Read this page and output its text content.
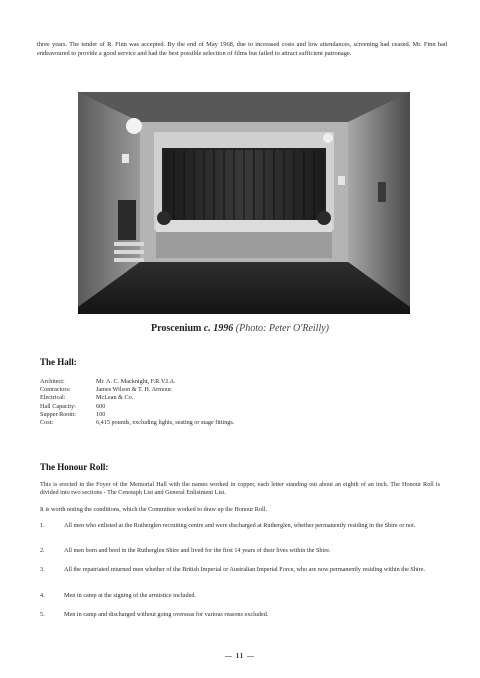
three years. The tender of R. Finn was accepted. By the end of May 1968, due to increased costs and low attendances, screening had ceased. Mr. Finn had endeavoured to provide a good service and had the best possible selection of films but failed to attract sufficient patronage.
Proscenium c. 1996 (Photo: Peter O'Reilly)
The Hall:
Architect:	Mr. A. C. Macknight, F.R.V.I.A.
Contractors:	James Wilson & T. H. Armour.
Electrical:	McLean & Co.
Hall Capacity:	600
Supper Room:	100
Cost:	6,415 pounds, excluding lights, seating or stage fittings.
The Honour Roll:
This is erected in the Foyer of the Memorial Hall with the names worked in copper, each letter standing out about an eighth of an inch. The Honour Roll is divided into two sections - The Cenotaph List and General Enlistment List.
It is worth noting the conditions, which the Committee worked to draw up the Honour Roll.
1.	All men who enlisted at the Rutherglen recruiting centre and were discharged at Rutherglen, whether permanently residing in the Shire or not.
2.	All men born and bred in the Rutherglen Shire and lived for the first 14 years of their lives within the Shire.
3.	All the repatriated returned men whether of the British Imperial or Australian Imperial Force, who are now permanently residing within the Shire.
4.	Men in camp at the signing of the armistice included.
5.	Men in camp and discharged without going overseas for various reasons excluded.
— 11 —
